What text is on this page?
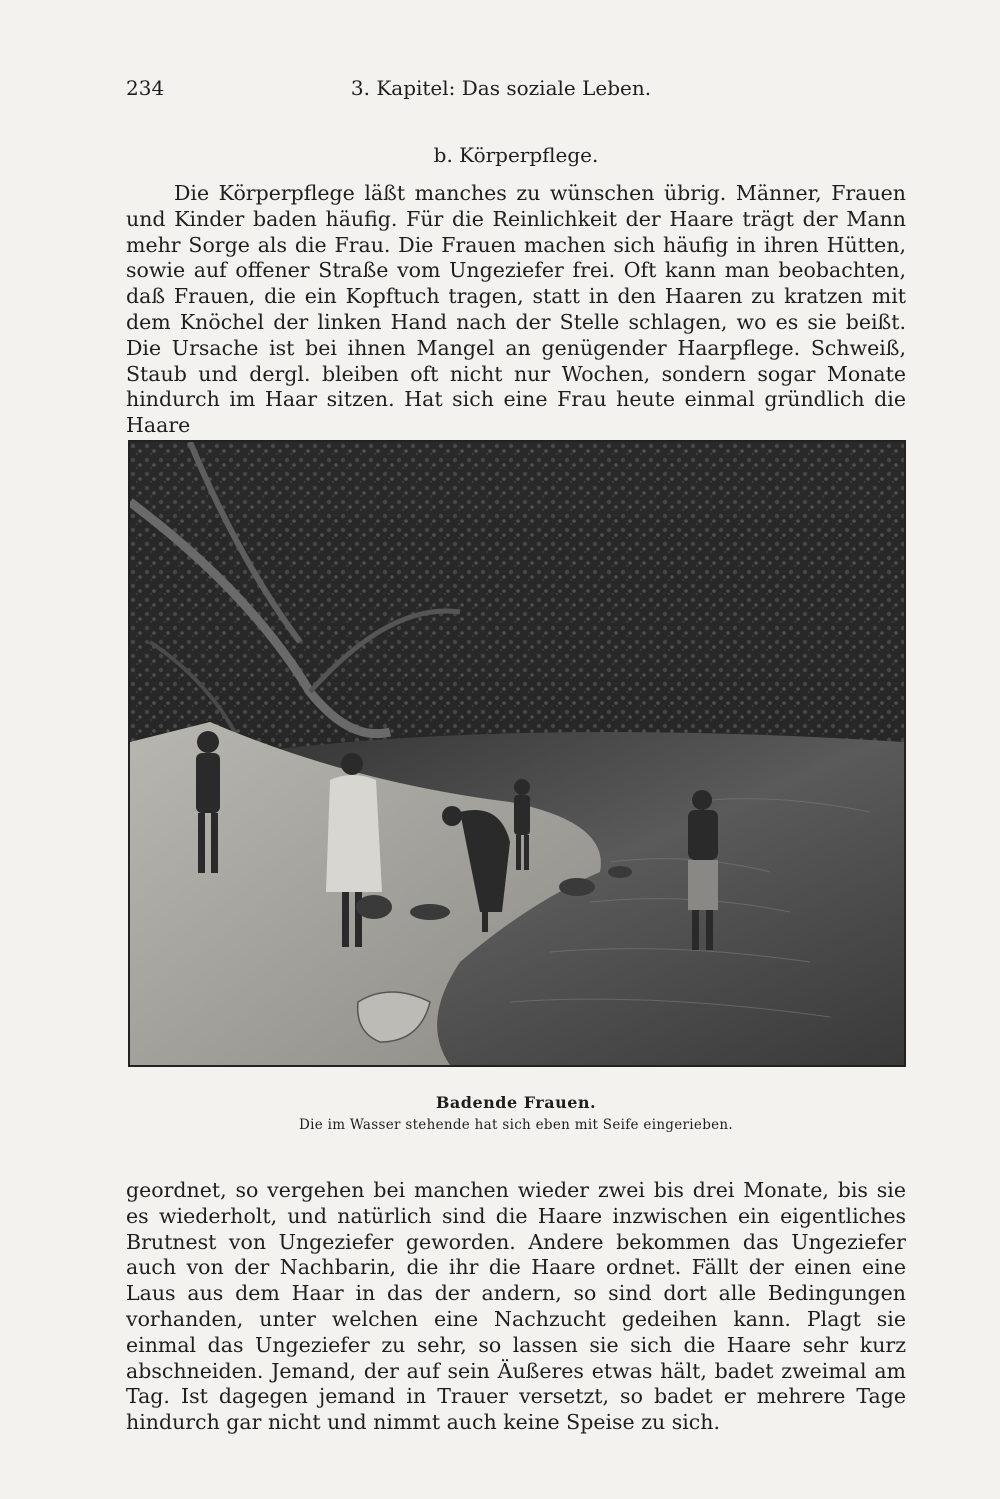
234	3. Kapitel: Das soziale Leben.
b. Körperpflege.

Die Körperpflege läßt manches zu wünschen übrig. Männer, Frauen und Kinder baden häufig. Für die Reinlichkeit der Haare trägt der Mann mehr Sorge als die Frau. Die Frauen machen sich häufig in ihren Hütten, sowie auf offener Straße vom Ungeziefer frei. Oft kann man beobachten, daß Frauen, die ein Kopftuch tragen, statt in den Haaren zu kratzen mit dem Knöchel der linken Hand nach der Stelle schlagen, wo es sie beißt. Die Ursache ist bei ihnen Mangel an genügender Haarpflege. Schweiß, Staub und dergl. bleiben oft nicht nur Wochen, sondern sogar Monate hindurch im Haar sitzen. Hat sich eine Frau heute einmal gründlich die Haare

Badende Frauen.
Die im Wasser stehende hat sich eben mit Seife eingerieben.

geordnet, so vergehen bei manchen wieder zwei bis drei Monate, bis sie es wiederholt, und natürlich sind die Haare inzwischen ein eigentliches Brutnest von Ungeziefer geworden. Andere bekommen das Ungeziefer auch von der Nachbarin, die ihr die Haare ordnet. Fällt der einen eine Laus aus dem Haar in das der andern, so sind dort alle Bedingungen vorhanden, unter welchen eine Nachzucht gedeihen kann. Plagt sie einmal das Ungeziefer zu sehr, so lassen sie sich die Haare sehr kurz abschneiden. Jemand, der auf sein Äußeres etwas hält, badet zweimal am Tag. Ist dagegen jemand in Trauer versetzt, so badet er mehrere Tage hindurch gar nicht und nimmt auch keine Speise zu sich.
